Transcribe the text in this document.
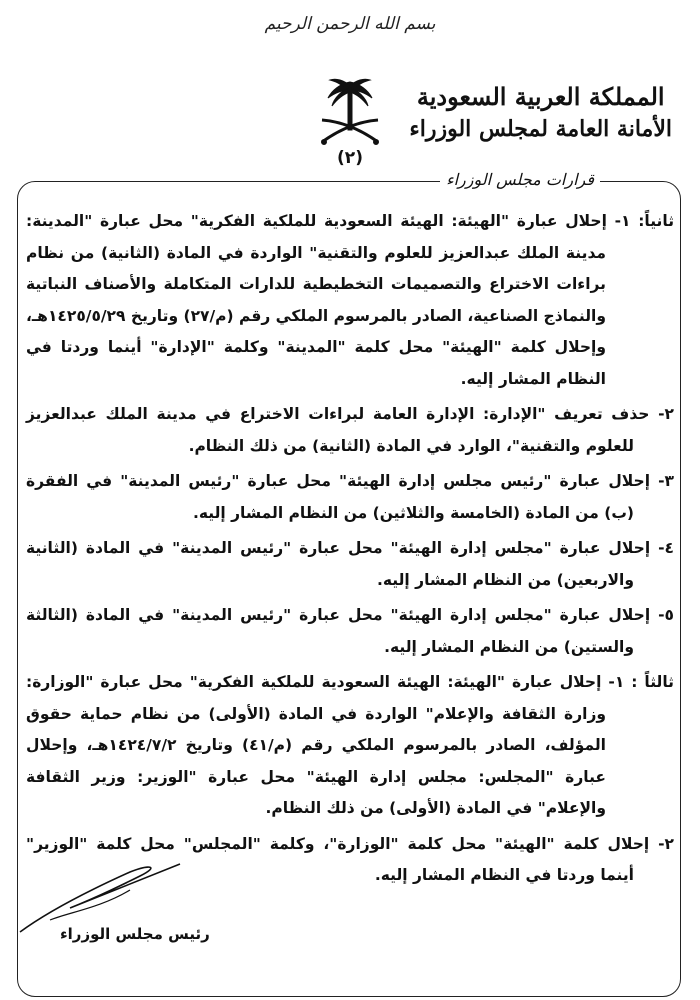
بسم الله الرحمن الرحيم
(٢)
المملكة العربية السعودية
الأمانة العامة لمجلس الوزراء
قرارات مجلس الوزراء

ثانياً: ١- إحلال عبارة "الهيئة: الهيئة السعودية للملكية الفكرية" محل عبارة "المدينة: مدينة الملك عبدالعزيز للعلوم والتقنية" الواردة في المادة (الثانية) من نظام براءات الاختراع والتصميمات التخطيطية للدارات المتكاملة والأصناف النباتية والنماذج الصناعية، الصادر بالمرسوم الملكي رقم (م/٢٧) وتاريخ ١٤٢٥/٥/٢٩هـ، وإحلال كلمة "الهيئة" محل كلمة "المدينة" وكلمة "الإدارة" أينما وردتا في النظام المشار إليه.

٢- حذف تعريف "الإدارة: الإدارة العامة لبراءات الاختراع في مدينة الملك عبدالعزيز للعلوم والتقنية"، الوارد في المادة (الثانية) من ذلك النظام.

٣- إحلال عبارة "رئيس مجلس إدارة الهيئة" محل عبارة "رئيس المدينة" في الفقرة (ب) من المادة (الخامسة والثلاثين) من النظام المشار إليه.

٤- إحلال عبارة "مجلس إدارة الهيئة" محل عبارة "رئيس المدينة" في المادة (الثانية والاربعين) من النظام المشار إليه.

٥- إحلال عبارة "مجلس إدارة الهيئة" محل عبارة "رئيس المدينة" في المادة (الثالثة والستين) من النظام المشار إليه.

ثالثاً : ١- إحلال عبارة "الهيئة: الهيئة السعودية للملكية الفكرية" محل عبارة "الوزارة: وزارة الثقافة والإعلام" الواردة في المادة (الأولى) من نظام حماية حقوق المؤلف، الصادر بالمرسوم الملكي رقم (م/٤١) وتاريخ ١٤٢٤/٧/٢هـ، وإحلال عبارة "المجلس: مجلس إدارة الهيئة" محل عبارة "الوزير: وزير الثقافة والإعلام" في المادة (الأولى) من ذلك النظام.

٢- إحلال كلمة "الهيئة" محل كلمة "الوزارة"، وكلمة "المجلس" محل كلمة "الوزير" أينما وردتا في النظام المشار إليه.

رئيس مجلس الوزراء
